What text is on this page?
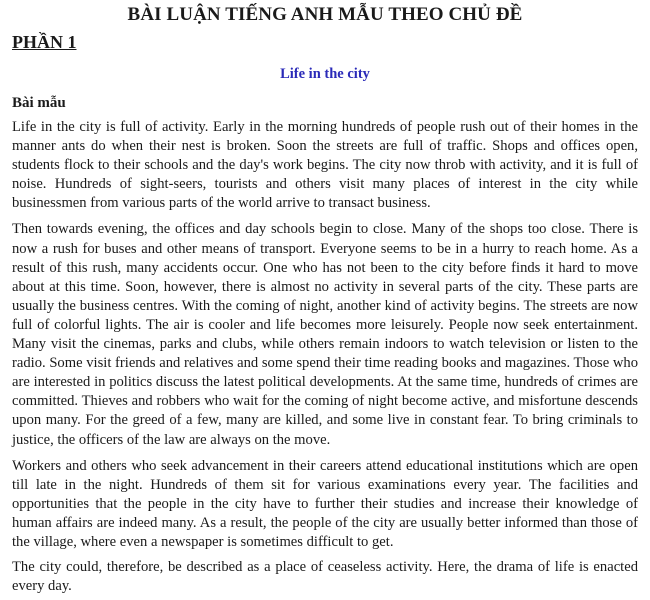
BÀI LUẬN TIẾNG ANH MẪU THEO CHỦ ĐỀ
PHẦN 1
Life in the city
Bài mẫu

Life in the city is full of activity. Early in the morning hundreds of people rush out of their homes in the manner ants do when their nest is broken. Soon the streets are full of traffic. Shops and offices open, students flock to their schools and the day's work begins. The city now throb with activity, and it is full of noise. Hundreds of sight-seers, tourists and others visit many places of interest in the city while businessmen from various parts of the world arrive to transact business.

Then towards evening, the offices and day schools begin to close. Many of the shops too close. There is now a rush for buses and other means of transport. Everyone seems to be in a hurry to reach home. As a result of this rush, many accidents occur. One who has not been to the city before finds it hard to move about at this time. Soon, however, there is almost no activity in several parts of the city. These parts are usually the business centres. With the coming of night, another kind of activity begins. The streets are now full of colorful lights. The air is cooler and life becomes more leisurely. People now seek entertainment. Many visit the cinemas, parks and clubs, while others remain indoors to watch television or listen to the radio. Some visit friends and relatives and some spend their time reading books and magazines. Those who are interested in politics discuss the latest political developments. At the same time, hundreds of crimes are committed. Thieves and robbers who wait for the coming of night become active, and misfortune descends upon many. For the greed of a few, many are killed, and some live in constant fear. To bring criminals to justice, the officers of the law are always on the move.

Workers and others who seek advancement in their careers attend educational institutions which are open till late in the night. Hundreds of them sit for various examinations every year. The facilities and opportunities that the people in the city have to further their studies and increase their knowledge of human affairs are indeed many. As a result, the people of the city are usually better informed than those of the village, where even a newspaper is sometimes difficult to get.

The city could, therefore, be described as a place of ceaseless activity. Here, the drama of life is enacted every day.
